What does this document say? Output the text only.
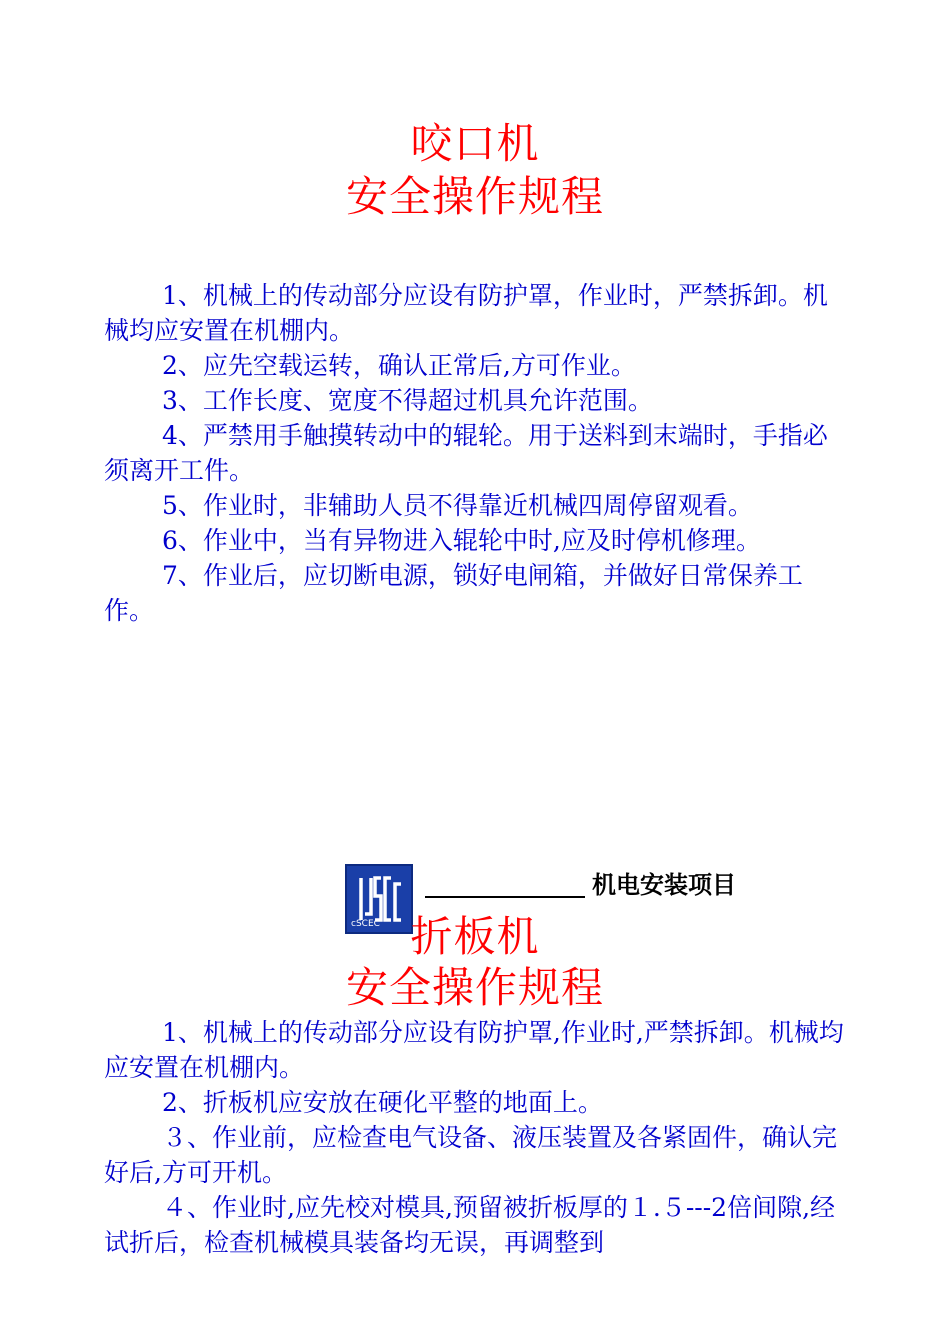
咬口机
安全操作规程

1、机械上的传动部分应设有防护罩，作业时，严禁拆卸。机械均应安置在机棚内。

2、应先空载运转，确认正常后,方可作业。

3、工作长度、宽度不得超过机具允许范围。

4、严禁用手触摸转动中的辊轮。用于送料到末端时，手指必须离开工件。

5、作业时，非辅助人员不得靠近机械四周停留观看。

6、作业中，当有异物进入辊轮中时,应及时停机修理。

7、作业后，应切断电源，锁好电闸箱，并做好日常保养工作。

cSCEC
机电安装项目
折板机
安全操作规程

1、机械上的传动部分应设有防护罩,作业时,严禁拆卸。机械均应安置在机棚内。

2、折板机应安放在硬化平整的地面上。

３、作业前，应检查电气设备、液压装置及各紧固件，确认完好后,方可开机。

４、作业时,应先校对模具,预留被折板厚的１.５---2倍间隙,经试折后，检查机械模具装备均无误，再调整到
